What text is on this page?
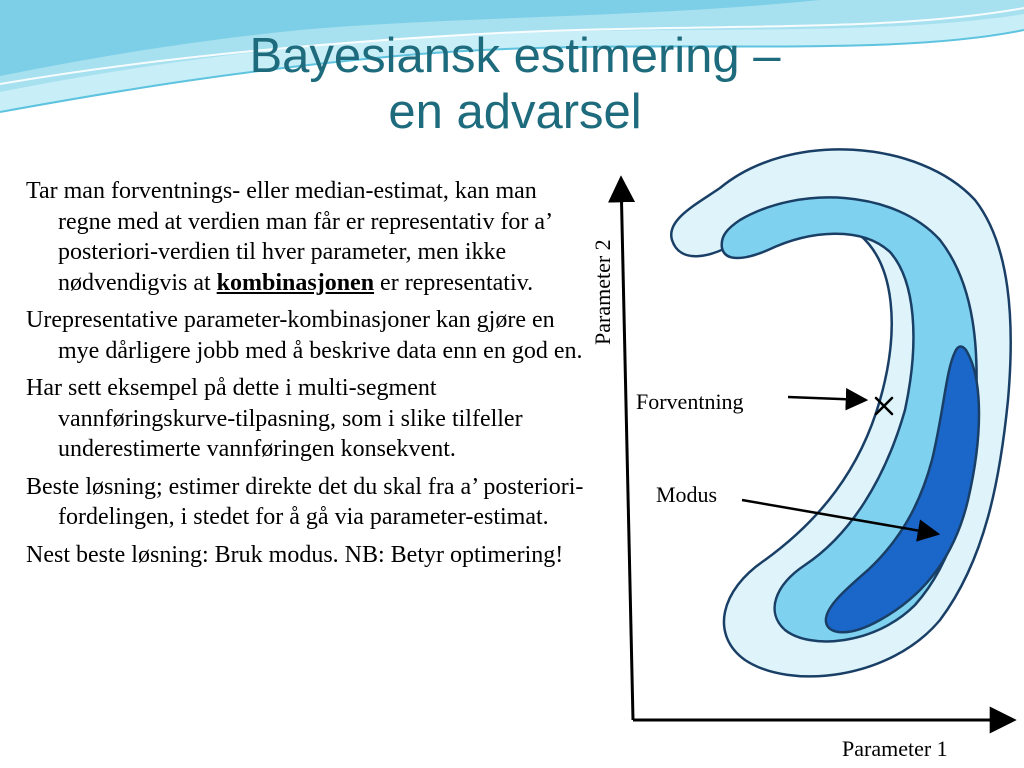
Bayesiansk estimering –
en advarsel
Tar man forventnings- eller median-estimat, kan man regne med at verdien man får er representativ for a’ posteriori-verdien til hver parameter, men ikke nødvendigvis at kombinasjonen er representativ.
Urepresentative parameter-kombinasjoner kan gjøre en mye dårligere jobb med å beskrive data enn en god en.
Har sett eksempel på dette i multi-segment vannføringskurve-tilpasning, som i slike tilfeller underestimerte vannføringen konsekvent.
Beste løsning; estimer direkte det du skal fra a’ posteriori-fordelingen, i stedet for å gå via parameter-estimat.
Nest beste løsning: Bruk modus. NB: Betyr optimering!
Parameter 2
Parameter 1
Forventning
Modus
